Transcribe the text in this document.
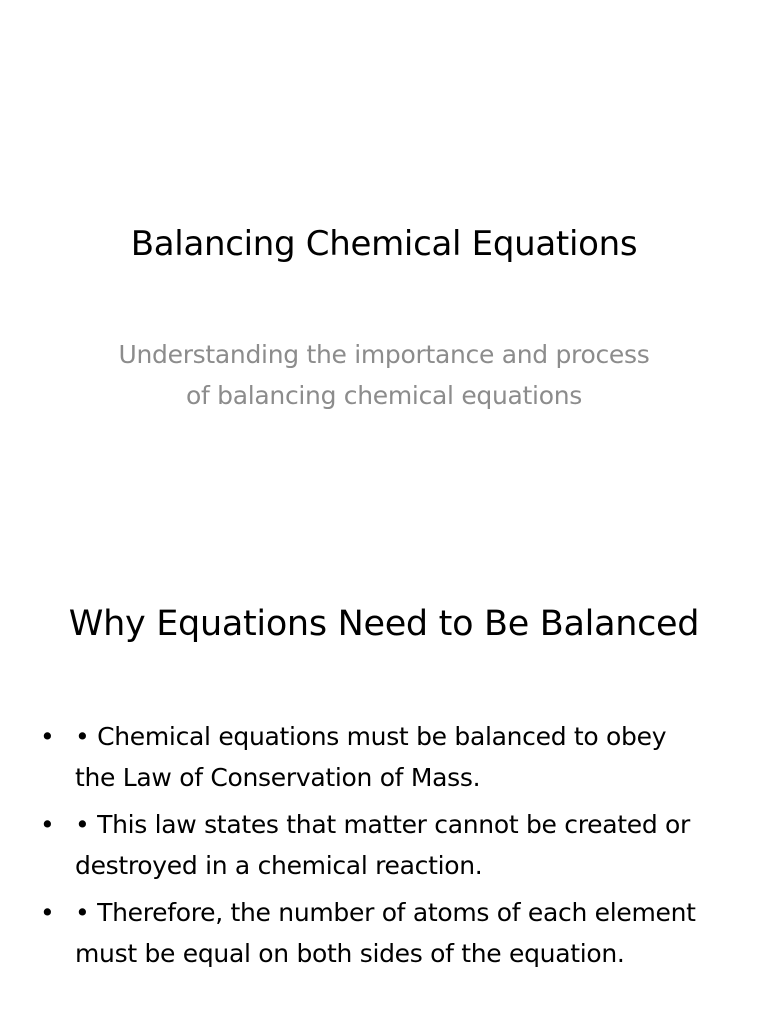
Balancing Chemical Equations

Understanding the importance and process of balancing chemical equations

Why Equations Need to Be Balanced
• • Chemical equations must be balanced to obey the Law of Conservation of Mass.
• • This law states that matter cannot be created or destroyed in a chemical reaction.
• • Therefore, the number of atoms of each element must be equal on both sides of the equation.
